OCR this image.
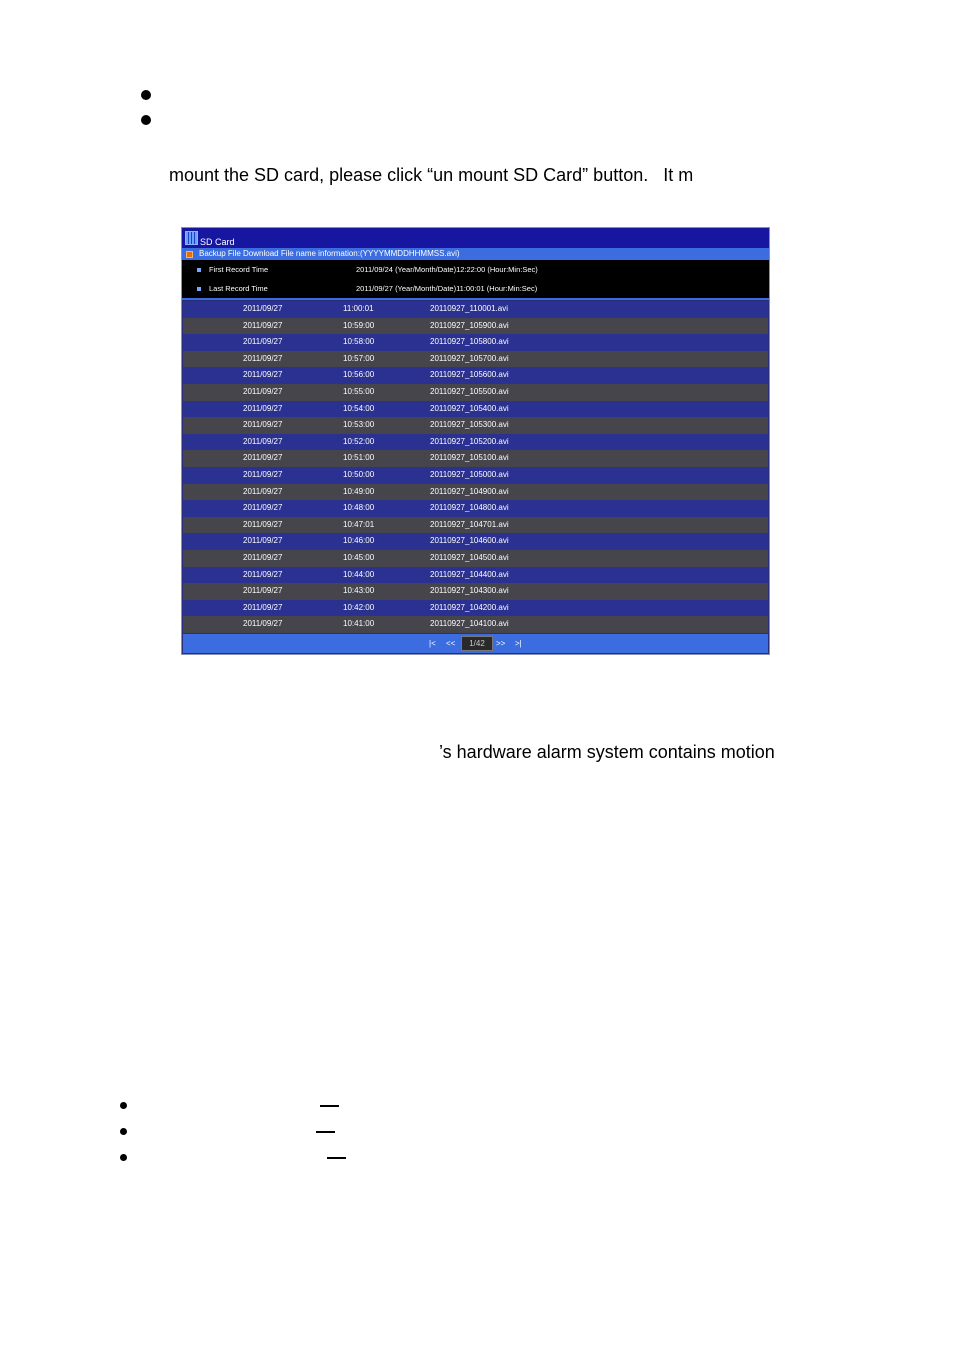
mount the SD card, please click “un mount SD Card” button.   It m
SD Card
Backup File Download File name information:(YYYYMMDDHHMMSS.avi)
First Record Time	2011/09/24 (Year/Month/Date)12:22:00 (Hour:Min:Sec)
Last Record Time	2011/09/27 (Year/Month/Date)11:00:01 (Hour:Min:Sec)
2011/09/27	11:00:01	20110927_110001.avi
2011/09/27	10:59:00	20110927_105900.avi
2011/09/27	10:58:00	20110927_105800.avi
2011/09/27	10:57:00	20110927_105700.avi
2011/09/27	10:56:00	20110927_105600.avi
2011/09/27	10:55:00	20110927_105500.avi
2011/09/27	10:54:00	20110927_105400.avi
2011/09/27	10:53:00	20110927_105300.avi
2011/09/27	10:52:00	20110927_105200.avi
2011/09/27	10:51:00	20110927_105100.avi
2011/09/27	10:50:00	20110927_105000.avi
2011/09/27	10:49:00	20110927_104900.avi
2011/09/27	10:48:00	20110927_104800.avi
2011/09/27	10:47:01	20110927_104701.avi
2011/09/27	10:46:00	20110927_104600.avi
2011/09/27	10:45:00	20110927_104500.avi
2011/09/27	10:44:00	20110927_104400.avi
2011/09/27	10:43:00	20110927_104300.avi
2011/09/27	10:42:00	20110927_104200.avi
2011/09/27	10:41:00	20110927_104100.avi
|< <<	1/42	>> >|
’s hardware alarm system contains motion
